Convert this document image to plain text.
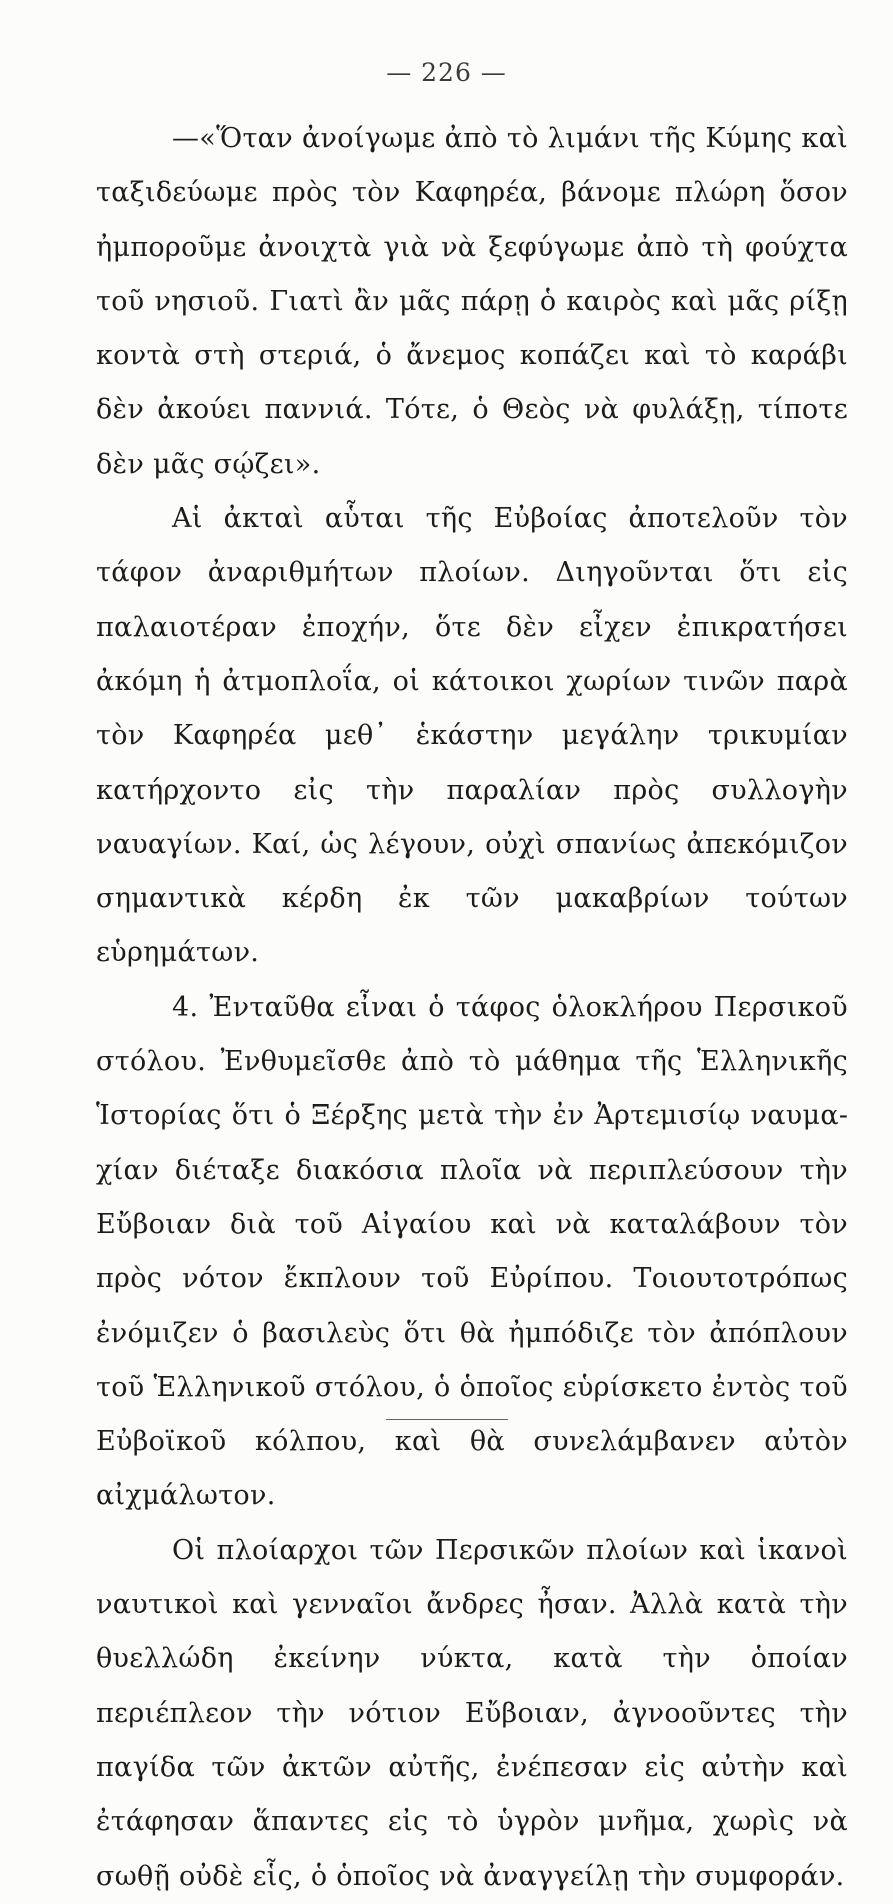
— 226 —

—«Ὅταν ἀνοίγωμε ἀπὸ τὸ λιμάνι τῆς Κύμης καὶ ταξιδεύωμε πρὸς τὸν Καφηρέα, βάνομε πλώρη ὅσον ἠμποροῦμε ἀνοιχτὰ γιὰ νὰ ξεφύγωμε ἀπὸ τὴ φούχτα τοῦ νησιοῦ. Γιατὶ ἂν μᾶς πάρῃ ὁ καιρὸς καὶ μᾶς ρίξῃ κοντὰ στὴ στεριά, ὁ ἄνεμος κοπάζει καὶ τὸ καράβι δὲν ἀκούει παννιά. Τότε, ὁ Θεὸς νὰ φυλάξῃ, τίποτε δὲν μᾶς σῴζει».

Αἱ ἀκταὶ αὗται τῆς Εὐβοίας ἀποτελοῦν τὸν τάφον ἀναριθμήτων πλοίων. Διηγοῦνται ὅτι εἰς παλαιοτέραν ἐποχήν, ὅτε δὲν εἶχεν ἐπικρατήσει ἀκόμη ἡ ἀτμοπλοΐα, οἱ κάτοικοι χωρίων τινῶν παρὰ τὸν Καφηρέα μεθ᾽ ἑκάστην μεγάλην τρικυμίαν κατήρχοντο εἰς τὴν παραλίαν πρὸς συλλογὴν ναυαγίων. Καί, ὡς λέγουν, οὐχὶ σπανίως ἀπεκόμιζον σημαντικὰ κέρδη ἐκ τῶν μακαβρίων τούτων εὑρημάτων.

4. Ἐνταῦθα εἶναι ὁ τάφος ὁλοκλήρου Περσικοῦ στόλου. Ἐνθυμεῖσθε ἀπὸ τὸ μάθημα τῆς Ἑλληνικῆς Ἱστορίας ὅτι ὁ Ξέρξης μετὰ τὴν ἐν Ἀρτεμισίῳ ναυμαχίαν διέταξε διακόσια πλοῖα νὰ περιπλεύσουν τὴν Εὔβοιαν διὰ τοῦ Αἰγαίου καὶ νὰ καταλάβουν τὸν πρὸς νότον ἔκπλουν τοῦ Εὐρίπου. Τοιουτοτρόπως ἐνόμιζεν ὁ βασιλεὺς ὅτι θὰ ἠμπόδιζε τὸν ἀπόπλουν τοῦ Ἑλληνικοῦ στόλου, ὁ ὁποῖος εὑρίσκετο ἐντὸς τοῦ Εὐβοϊκοῦ κόλπου, καὶ θὰ συνελάμβανεν αὐτὸν αἰχμάλωτον.

Οἱ πλοίαρχοι τῶν Περσικῶν πλοίων καὶ ἱκανοὶ ναυτικοὶ καὶ γενναῖοι ἄνδρες ἦσαν. Ἀλλὰ κατὰ τὴν θυελλώδη ἐκείνην νύκτα, κατὰ τὴν ὁποίαν περιέπλεον τὴν νότιον Εὔβοιαν, ἀγνοοῦντες τὴν παγίδα τῶν ἀκτῶν αὐτῆς, ἐνέπεσαν εἰς αὐτὴν καὶ ἐτάφησαν ἅπαντες εἰς τὸ ὑγρὸν μνῆμα, χωρὶς νὰ σωθῇ οὐδὲ εἷς, ὁ ὁποῖος νὰ ἀναγγείλῃ τὴν συμφοράν.
